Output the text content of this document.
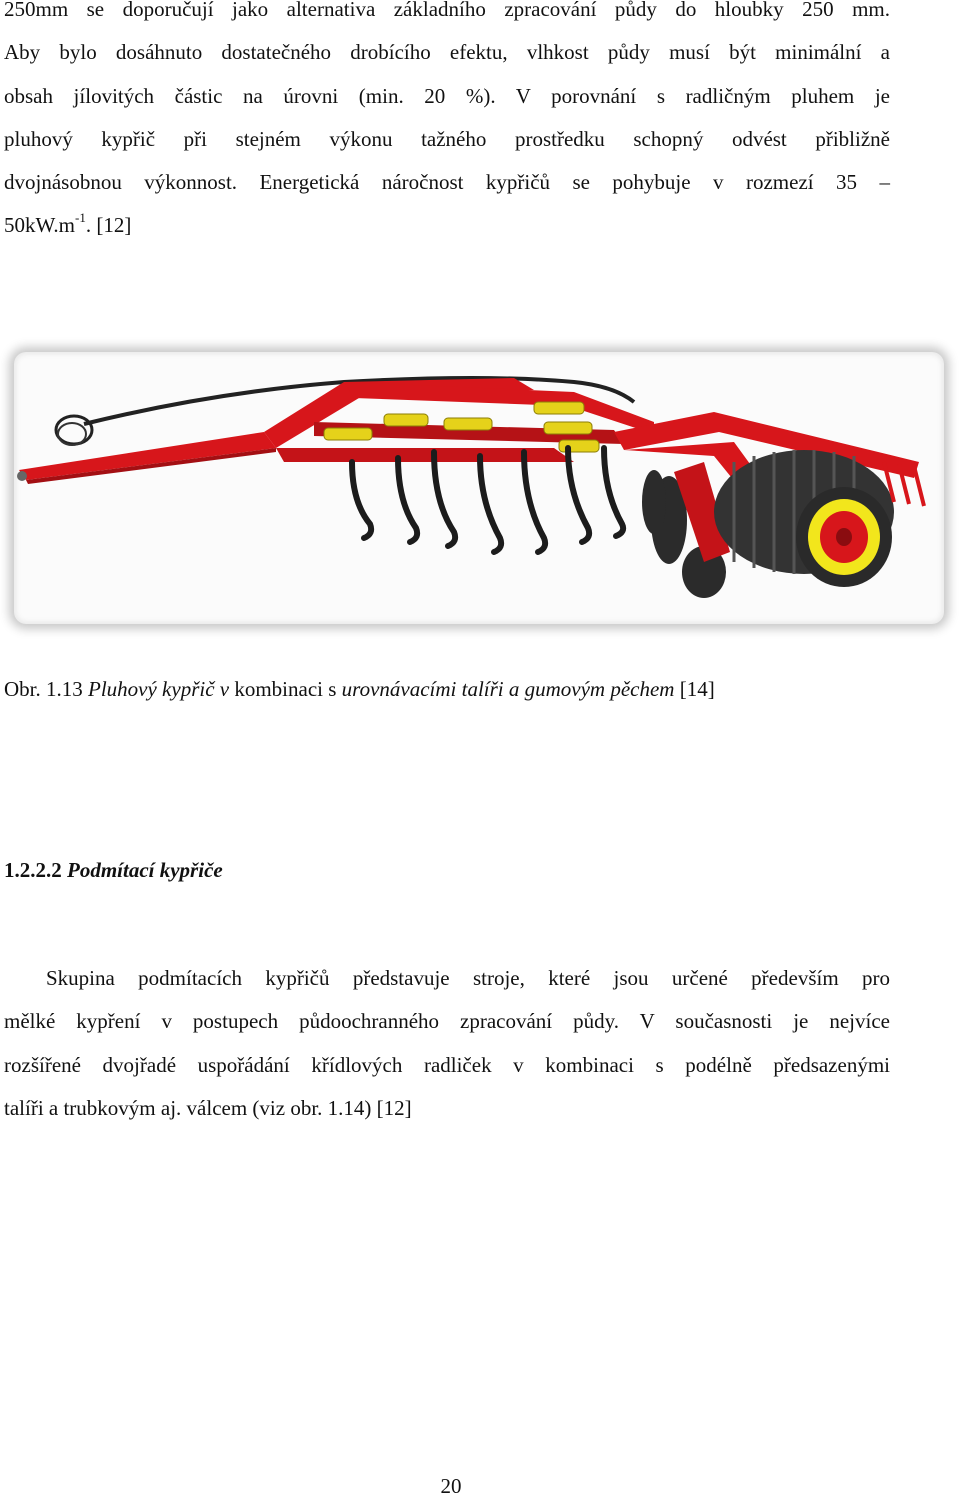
250mm se doporučují jako alternativa základního zpracování půdy do hloubky 250 mm.
Aby bylo dosáhnuto dostatečného drobícího efektu, vlhkost půdy musí být minimální a
obsah jílovitých částic na úrovni (min. 20 %). V porovnání s radličným pluhem je
pluhový kypřič při stejném výkonu tažného prostředku schopný odvést přibližně
dvojnásobnou výkonnost. Energetická náročnost kypřičů se pohybuje v rozmezí 35 –
$50kW.m^{-1}$. [12]

Obr. 1.13 Pluhový kypřič v kombinaci s urovnávacími talíři a gumovým pěchem [14]

1.2.2.2 Podmítací kypřiče

Skupina podmítacích kypřičů představuje stroje, které jsou určené především pro
mělké kypření v postupech půdoochranného zpracování půdy. V současnosti je nejvíce
rozšířené dvojřadé uspořádání křídlových radliček v kombinaci s podélně předsazenými
talíři a trubkovým aj. válcem (viz obr. 1.14) [12]
20
